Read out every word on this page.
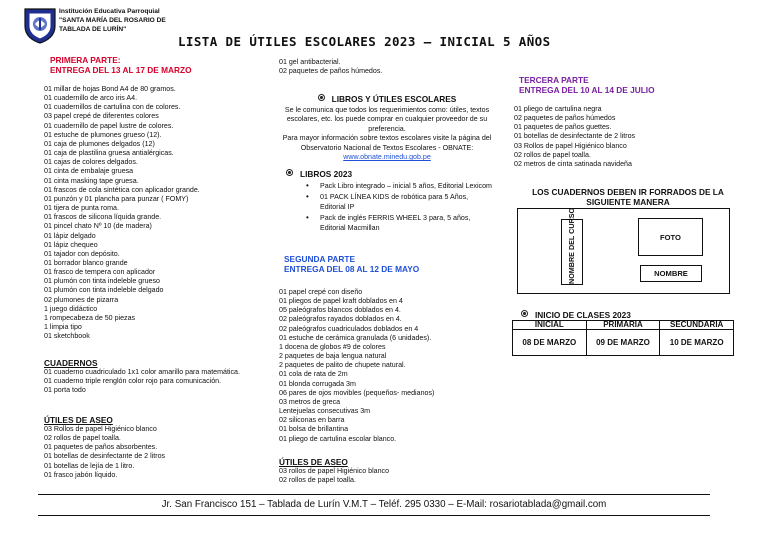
Institución Educativa Parroquial
"SANTA MARÍA DEL ROSARIO DE
TABLADA DE LURÍN"
LISTA DE ÚTILES ESCOLARES 2023 – INICIAL 5 AÑOS
PRIMERA PARTE:
ENTREGA DEL 13 AL 17 DE MARZO
01 millar de hojas Bond A4 de 80 gramos.
01 cuadernillo de arco iris A4.
01 cuadernillos de cartulina con de colores.
03 papel crepé de diferentes colores
01 cuadernillo de papel lustre de colores.
01 estuche de plumones grueso (12).
01 caja de plumones delgados (12)
01 caja de plastilina gruesa antialérgicas.
01 cajas de colores delgados.
01 cinta de embalaje gruesa
01 cinta masking tape gruesa.
01 frascos de cola sintética con aplicador grande.
01 punzón y 01 plancha para punzar ( FOMY)
01 tijera de punta roma.
01 frascos de silicona líquida grande.
01 pincel chato Nº 10 (de madera)
01 lápiz delgado
01 lápiz chequeo
01 tajador con depósito.
01 borrador blanco grande
01 frasco de tempera con aplicador
01 plumón con tinta indeleble grueso
01 plumón con tinta indeleble delgado
02 plumones de pizarra
1 juego didáctico
1 rompecabeza de 50 piezas
1 limpia tipo
01 sketchbook
CUADERNOS
01 cuaderno cuadriculado 1x1 color amarillo para matemática.
01 cuaderno triple renglón color rojo para comunicación.
01 porta todo
ÚTILES DE ASEO
03 Rollos de papel Higiénico blanco
02 rollos de papel toalla.
01 paquetes de paños absorbentes.
01 botellas de desinfectante de 2 litros
01 botellas de lejía de 1 litro.
01 frasco jabón líquido.
01 gel antibacterial.
02 paquetes de paños húmedos.
LIBROS Y ÚTILES ESCOLARES
Se le comunica que todos los requerimientos como: útiles, textos escolares, etc. los puede comprar en cualquier proveedor de su preferencia.
Para mayor información sobre textos escolares visite la página del Observatorio Nacional de Textos Escolares - OBNATE: www.obnate.minedu.gob.pe
LIBROS 2023
• Pack Libro integrado – inicial 5 años, Editorial Lexicom
• 01 PACK LÍNEA KIDS de robótica para 5 Años, Editorial IP
• Pack de inglés FERRIS WHEEL 3 para, 5 años, Editorial Macmillan
SEGUNDA PARTE
ENTREGA DEL 08 AL 12 DE MAYO
01 papel crepé con diseño
01 pliegos de papel kraft doblados en 4
05 paleógrafos blancos doblados en 4.
02 paleógrafos rayados doblados en 4.
02 paleógrafos cuadriculados doblados en 4
01 estuche de cerámica granulada (6 unidades).
1 docena de globos #9 de colores
2 paquetes de baja lengua natural
2 paquetes de palito de chupete natural.
01 cola de rata de 2m
01 blonda corrugada 3m
06 pares de ojos movibles (pequeños- medianos)
03 metros de greca
Lentejuelas consecutivas 3m
02 siliconas en barra
01 bolsa de brillantina
01 pliego de cartulina escolar blanco.
ÚTILES DE ASEO
03 rollos de papel Higiénico blanco
02 rollos de papel toalla.
TERCERA PARTE
ENTREGA DEL 10 AL 14 DE JULIO
01 pliego de cartulina negra
02 paquetes de paños húmedos
01 paquetes de paños guettes.
01 botellas de desinfectante de 2 litros
03 Rollos de papel Higiénico blanco
02 rollos de papel toalla.
02 metros de cinta satinada navideña
LOS CUADERNOS DEBEN IR FORRADOS DE LA SIGUIENTE MANERA
NOMBRE DEL CURSO	FOTO
NOMBRE
INICIO DE CLASES 2023
INICIAL	PRIMARIA	SECUNDARIA
08 DE MARZO	09 DE MARZO	10 DE MARZO
Jr. San Francisco 151 – Tablada de Lurín V.M.T – Teléf. 295 0330 – E-Mail: rosariotablada@gmail.com
